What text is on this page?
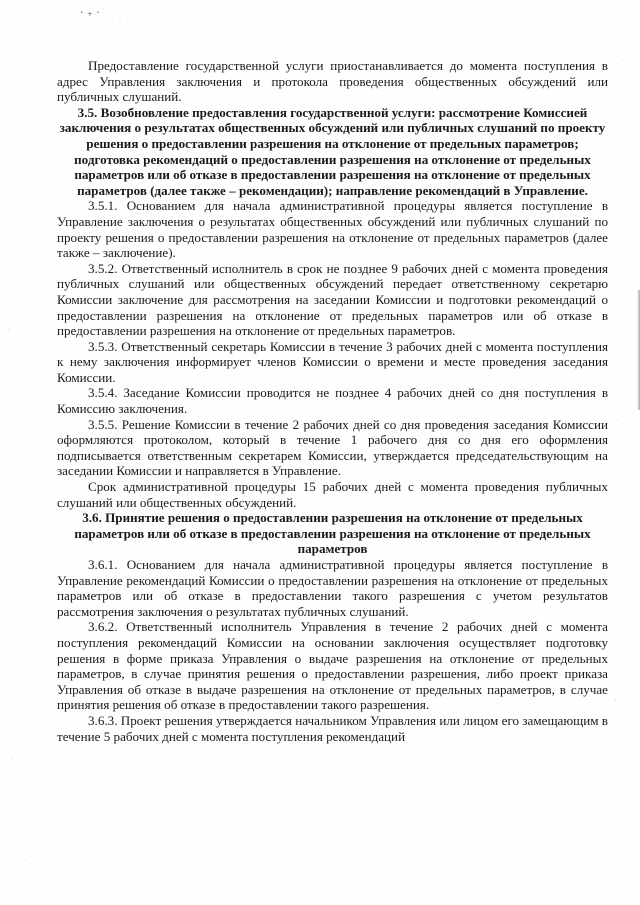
· ₊ ·

Предоставление государственной услуги приостанавливается до момента поступления в адрес Управления заключения и протокола проведения общественных обсуждений или публичных слушаний.

3.5. Возобновление предоставления государственной услуги: рассмотрение Комиссией заключения о результатах общественных обсуждений или публичных слушаний по проекту решения о предоставлении разрешения на отклонение от предельных параметров; подготовка рекомендаций о предоставлении разрешения на отклонение от предельных параметров или об отказе в предоставлении разрешения на отклонение от предельных параметров (далее также – рекомендации); направление рекомендаций в Управление.

3.5.1. Основанием для начала административной процедуры является поступление в Управление заключения о результатах общественных обсуждений или публичных слушаний по проекту решения о предоставлении разрешения на отклонение от предельных параметров (далее также – заключение).

3.5.2. Ответственный исполнитель в срок не позднее 9 рабочих дней с момента проведения публичных слушаний или общественных обсуждений передает ответственному секретарю Комиссии заключение для рассмотрения на заседании Комиссии и подготовки рекомендаций о предоставлении разрешения на отклонение от предельных параметров или об отказе в предоставлении разрешения на отклонение от предельных параметров.

3.5.3. Ответственный секретарь Комиссии в течение 3 рабочих дней с момента поступления к нему заключения информирует членов Комиссии о времени и месте проведения заседания Комиссии.

3.5.4. Заседание Комиссии проводится не позднее 4 рабочих дней со дня поступления в Комиссию заключения.

3.5.5. Решение Комиссии в течение 2 рабочих дней со дня проведения заседания Комиссии оформляются протоколом, который в течение 1 рабочего дня со дня его оформления подписывается ответственным секретарем Комиссии, утверждается председательствующим на заседании Комиссии и направляется в Управление.

Срок административной процедуры 15 рабочих дней с момента проведения публичных слушаний или общественных обсуждений.

3.6. Принятие решения о предоставлении разрешения на отклонение от предельных параметров или об отказе в предоставлении разрешения на отклонение от предельных параметров

3.6.1. Основанием для начала административной процедуры является поступление в Управление рекомендаций Комиссии о предоставлении разрешения на отклонение от предельных параметров или об отказе в предоставлении такого разрешения с учетом результатов рассмотрения заключения о результатах публичных слушаний.

3.6.2. Ответственный исполнитель Управления в течение 2 рабочих дней с момента поступления рекомендаций Комиссии на основании заключения осуществляет подготовку решения в форме приказа Управления о выдаче разрешения на отклонение от предельных параметров, в случае принятия решения о предоставлении разрешения, либо проект приказа Управления об отказе в выдаче разрешения на отклонение от предельных параметров, в случае принятия решения об отказе в предоставлении такого разрешения.

3.6.3. Проект решения утверждается начальником Управления или лицом его замещающим в течение 5 рабочих дней с момента поступления рекомендаций
